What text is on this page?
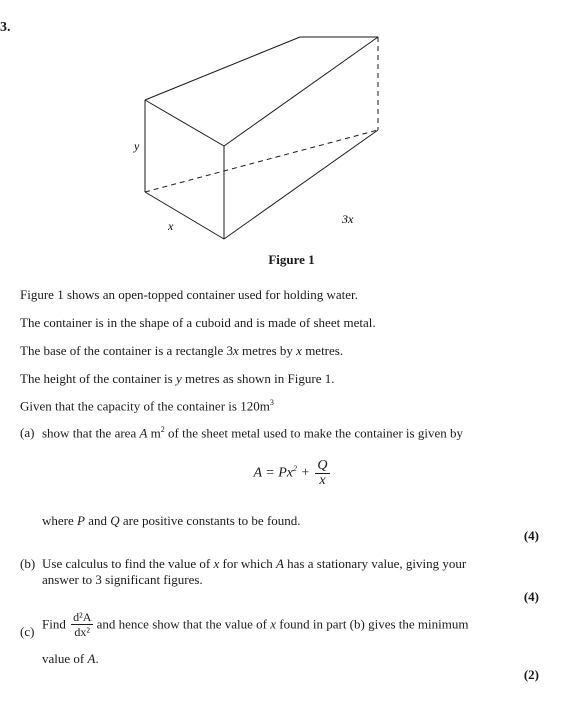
3.
y
x	3x
Figure 1
Figure 1 shows an open-topped container used for holding water.
The container is in the shape of a cuboid and is made of sheet metal.
The base of the container is a rectangle 3x metres by x metres.
The height of the container is y metres as shown in Figure 1.
Given that the capacity of the container is $120m^3$
(a) show that the area A $m^2$ of the sheet metal used to make the container is given by
$A = Px^2 + \frac{Q}{x}$
where P and Q are positive constants to be found.
(4)
(b) Use calculus to find the value of x for which A has a stationary value, giving your
answer to 3 significant figures.
(4)
(c) Find $\frac{\text{d²A}}{\text{dx²}}$ and hence show that the value of x found in part (b) gives the minimum
value of A.
(2)
